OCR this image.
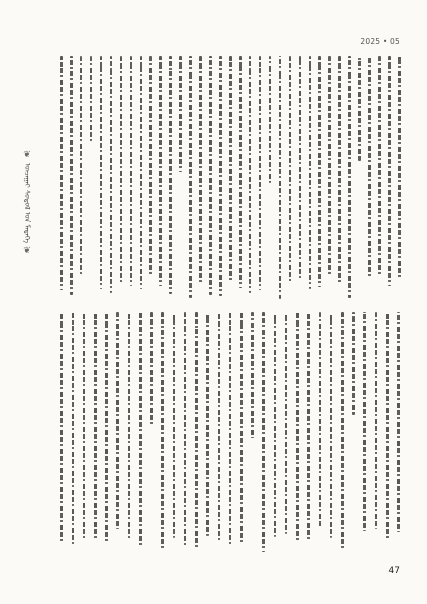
2025 • 05
❦
ᠤᠨᠴᠠᠭᠠᠢ ᠰᠤᠳᠤᠯ ᠤᠨ ᠮᠡᠳᠡᠭᠡ
❦
47
